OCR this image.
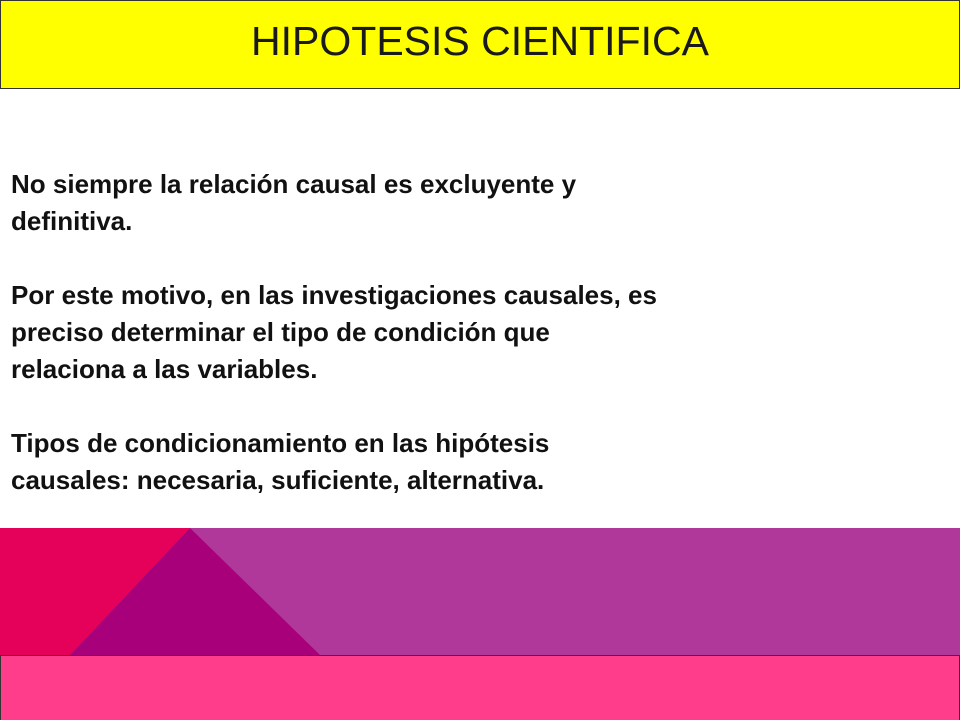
HIPOTESIS CIENTIFICA

No siempre la relación causal es excluyente y
definitiva.

Por este motivo, en las investigaciones causales, es
preciso determinar el tipo de condición que
relaciona a las variables.

Tipos de condicionamiento en las hipótesis
causales: necesaria, suficiente, alternativa.
